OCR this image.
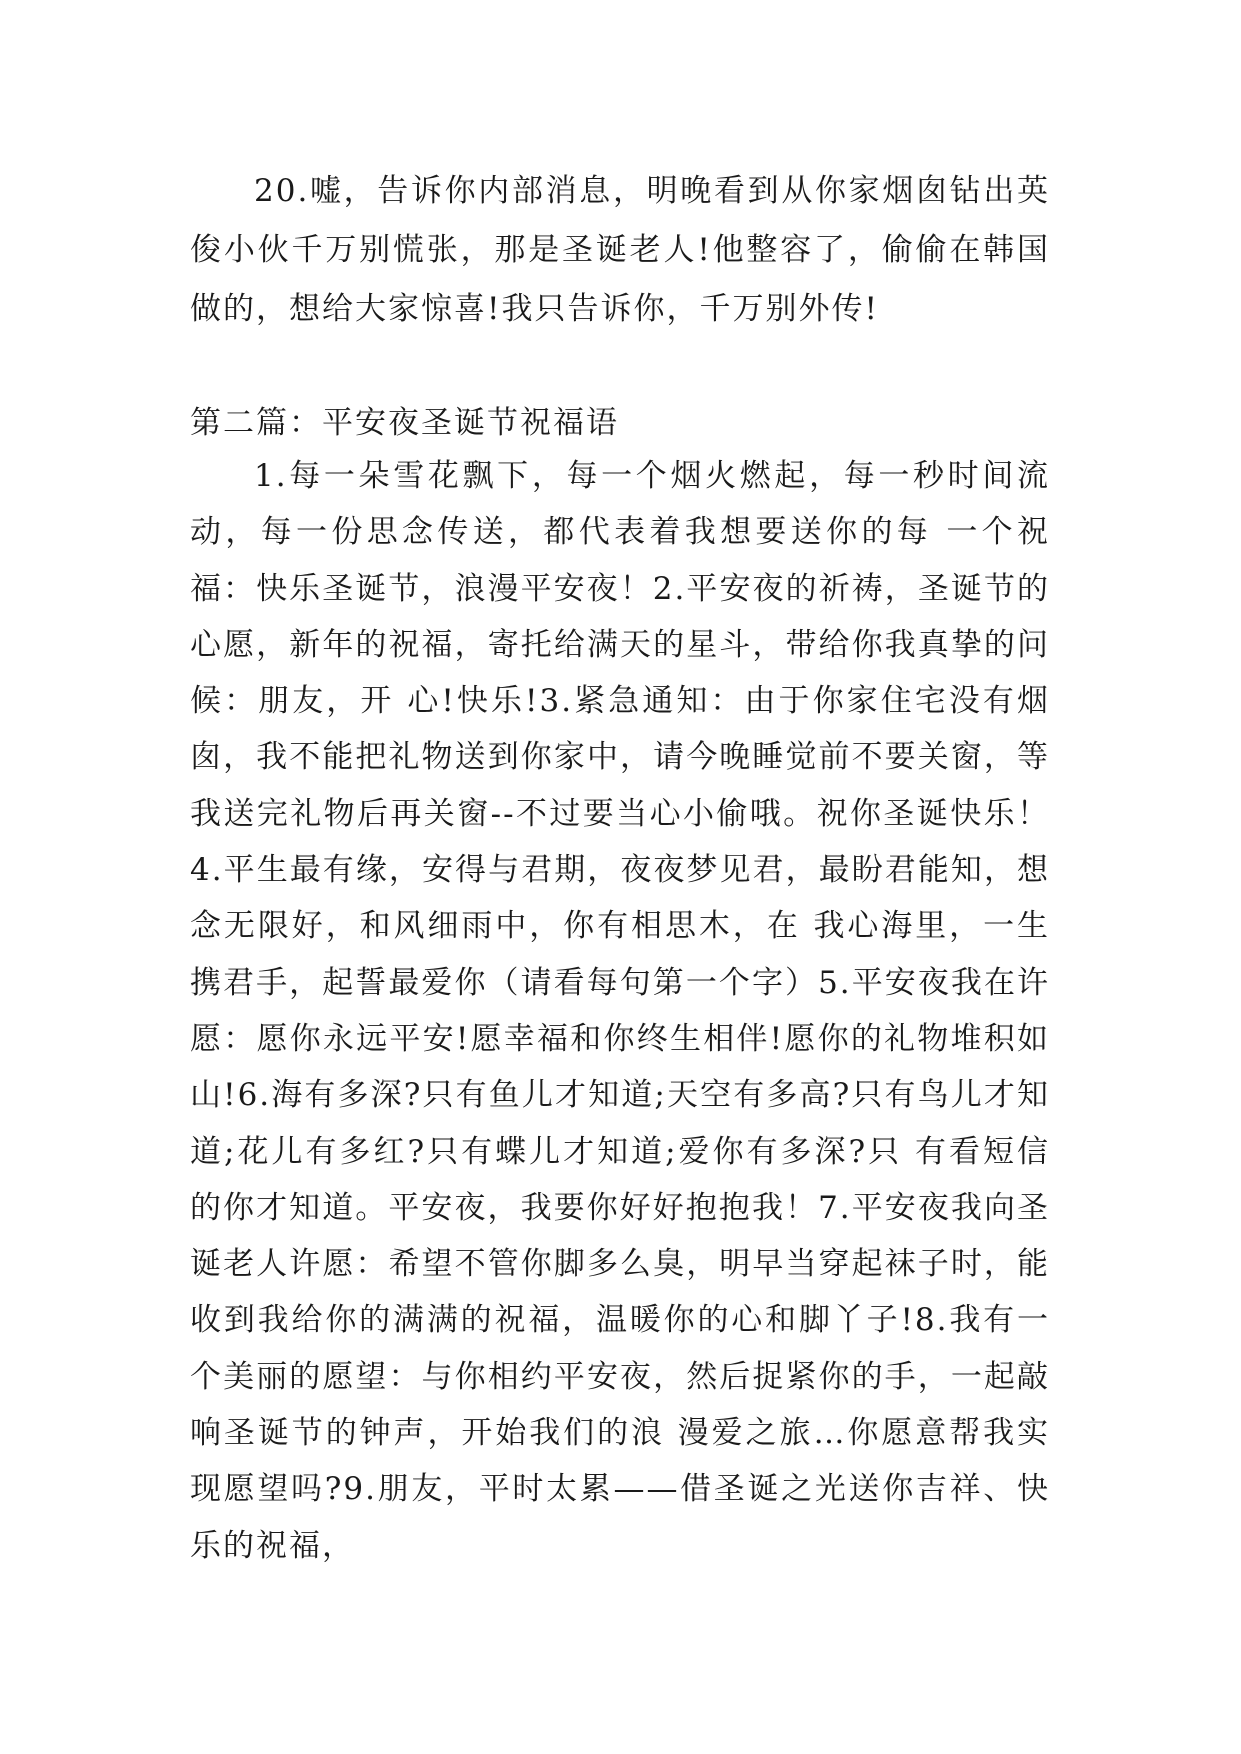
20.嘘，告诉你内部消息，明晚看到从你家烟囱钻出英俊小伙千万别慌张，那是圣诞老人!他整容了，偷偷在韩国做的，想给大家惊喜!我只告诉你，千万别外传!
第二篇：平安夜圣诞节祝福语
1.每一朵雪花飘下，每一个烟火燃起，每一秒时间流动，每一份思念传送，都代表着我想要送你的每 一个祝福：快乐圣诞节，浪漫平安夜！2.平安夜的祈祷，圣诞节的心愿，新年的祝福，寄托给满天的星斗，带给你我真挚的问候：朋友，开 心!快乐!3.紧急通知：由于你家住宅没有烟囱，我不能把礼物送到你家中，请今晚睡觉前不要关窗，等我送完礼物后再关窗--不过要当心小偷哦。祝你圣诞快乐！4.平生最有缘，安得与君期，夜夜梦见君，最盼君能知，想念无限好，和风细雨中，你有相思木，在 我心海里，一生携君手，起誓最爱你（请看每句第一个字）5.平安夜我在许愿：愿你永远平安!愿幸福和你终生相伴!愿你的礼物堆积如山!6.海有多深?只有鱼儿才知道;天空有多高?只有鸟儿才知道;花儿有多红?只有蝶儿才知道;爱你有多深?只 有看短信的你才知道。平安夜，我要你好好抱抱我！7.平安夜我向圣诞老人许愿：希望不管你脚多么臭，明早当穿起袜子时，能收到我给你的满满的祝福，温暖你的心和脚丫子!8.我有一个美丽的愿望：与你相约平安夜，然后捉紧你的手，一起敲响圣诞节的钟声，开始我们的浪 漫爱之旅…你愿意帮我实现愿望吗?9.朋友，平时太累——借圣诞之光送你吉祥、快乐的祝福，
